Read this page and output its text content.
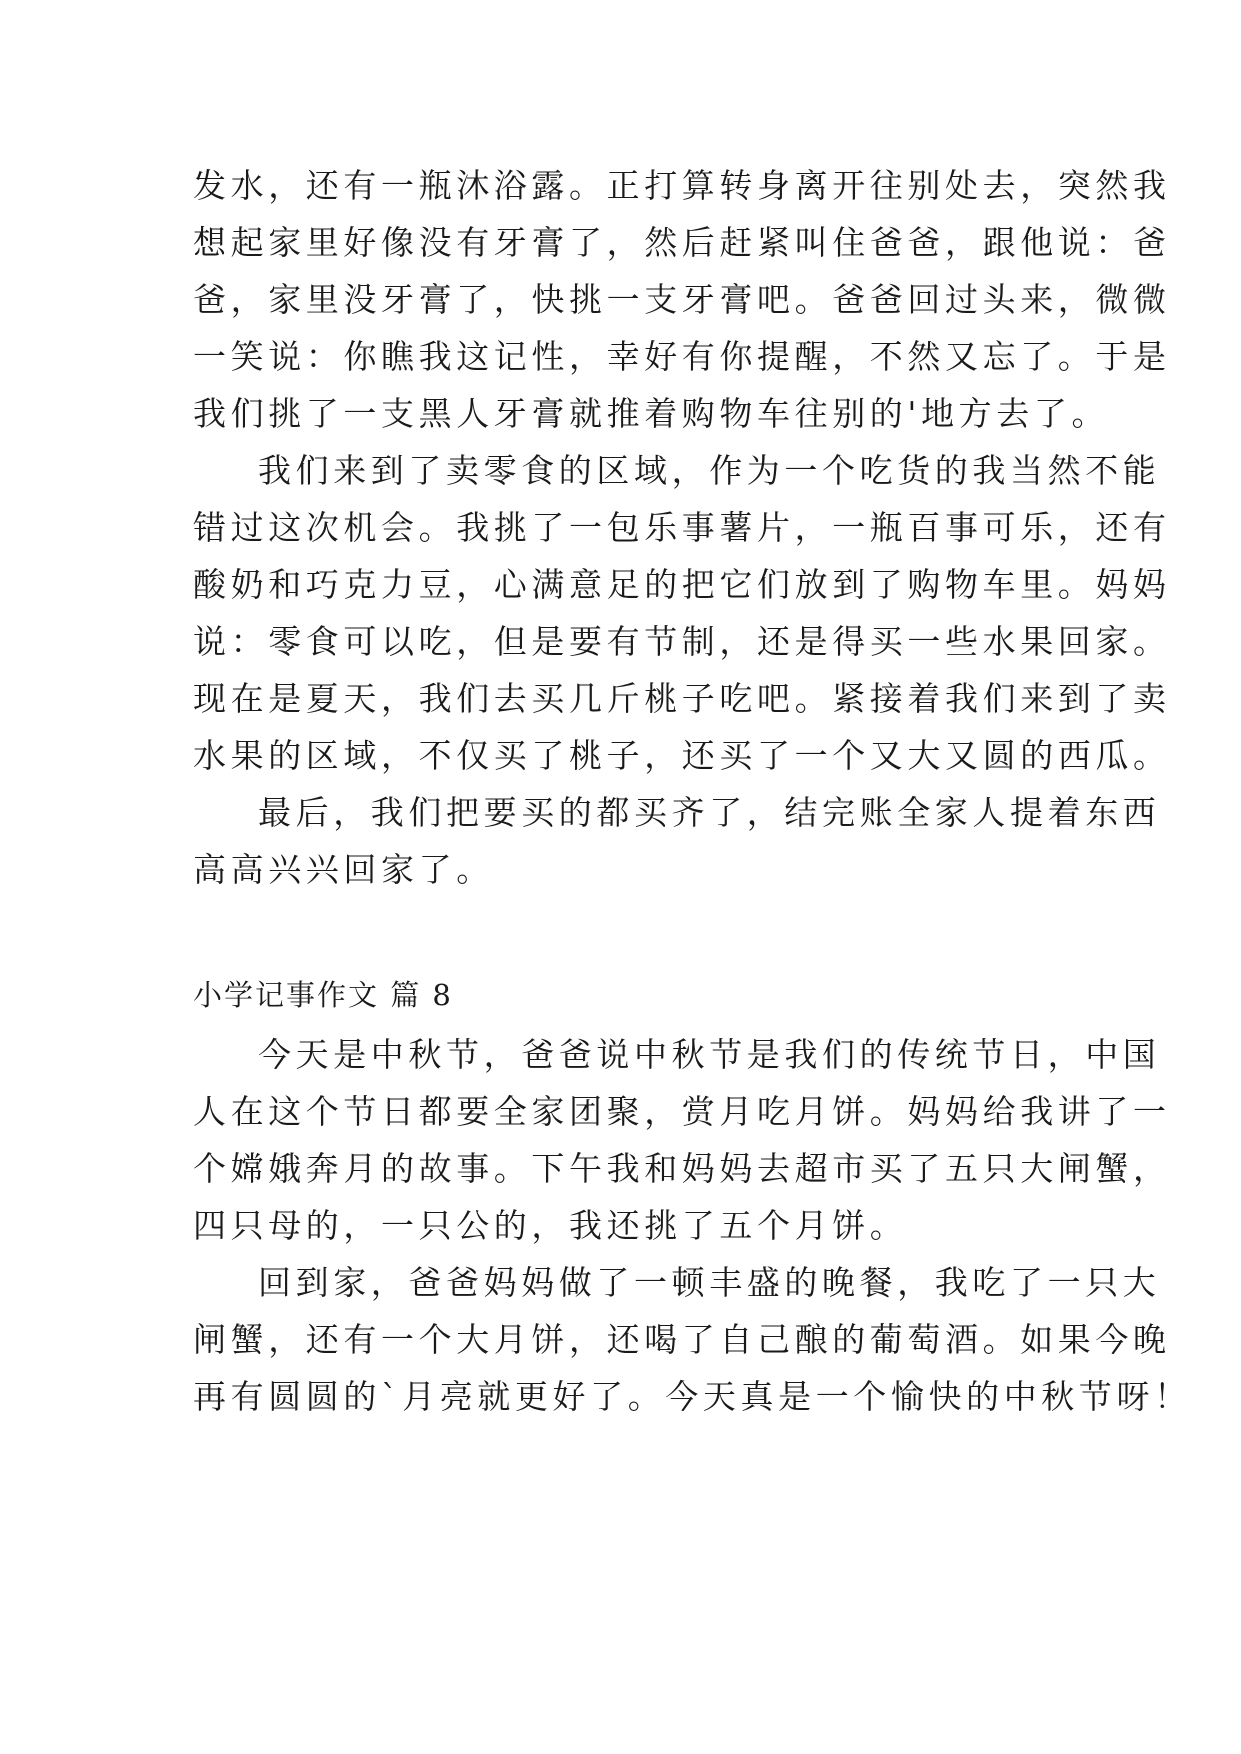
发水，还有一瓶沐浴露。正打算转身离开往别处去，突然我
想起家里好像没有牙膏了，然后赶紧叫住爸爸，跟他说：爸
爸，家里没牙膏了，快挑一支牙膏吧。爸爸回过头来，微微
一笑说：你瞧我这记性，幸好有你提醒，不然又忘了。于是
我们挑了一支黑人牙膏就推着购物车往别的'地方去了。
我们来到了卖零食的区域，作为一个吃货的我当然不能
错过这次机会。我挑了一包乐事薯片，一瓶百事可乐，还有
酸奶和巧克力豆，心满意足的把它们放到了购物车里。妈妈
说：零食可以吃，但是要有节制，还是得买一些水果回家。
现在是夏天，我们去买几斤桃子吃吧。紧接着我们来到了卖
水果的区域，不仅买了桃子，还买了一个又大又圆的西瓜。
最后，我们把要买的都买齐了，结完账全家人提着东西
高高兴兴回家了。
小学记事作文 篇 8
今天是中秋节，爸爸说中秋节是我们的传统节日，中国
人在这个节日都要全家团聚，赏月吃月饼。妈妈给我讲了一
个嫦娥奔月的故事。下午我和妈妈去超市买了五只大闸蟹，
四只母的，一只公的，我还挑了五个月饼。
回到家，爸爸妈妈做了一顿丰盛的晚餐，我吃了一只大
闸蟹，还有一个大月饼，还喝了自己酿的葡萄酒。如果今晚
再有圆圆的`月亮就更好了。今天真是一个愉快的中秋节呀！
